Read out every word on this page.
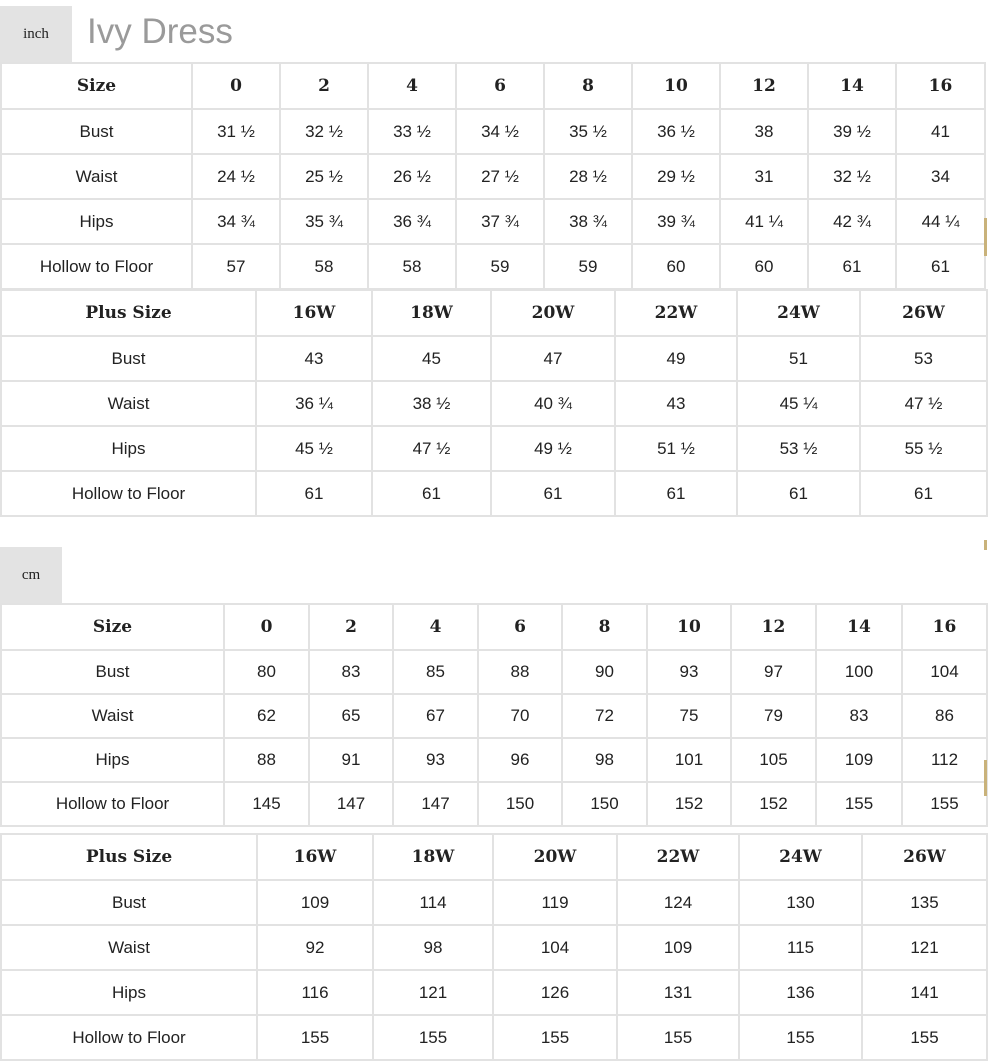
inch	Ivy Dress
Size	0	2	4	6	8	10	12	14	16
Bust	31 ½	32 ½	33 ½	34 ½	35 ½	36 ½	38	39 ½	41
Waist	24 ½	25 ½	26 ½	27 ½	28 ½	29 ½	31	32 ½	34
Hips	34 ¾	35 ¾	36 ¾	37 ¾	38 ¾	39 ¾	41 ¼	42 ¾	44 ¼
Hollow to Floor	57	58	58	59	59	60	60	61	61
Plus Size	16W	18W	20W	22W	24W	26W
Bust	43	45	47	49	51	53
Waist	36 ¼	38 ½	40 ¾	43	45 ¼	47 ½
Hips	45 ½	47 ½	49 ½	51 ½	53 ½	55 ½
Hollow to Floor	61	61	61	61	61	61
cm
Size	0	2	4	6	8	10	12	14	16
Bust	80	83	85	88	90	93	97	100	104
Waist	62	65	67	70	72	75	79	83	86
Hips	88	91	93	96	98	101	105	109	112
Hollow to Floor	145	147	147	150	150	152	152	155	155
Plus Size	16W	18W	20W	22W	24W	26W
Bust	109	114	119	124	130	135
Waist	92	98	104	109	115	121
Hips	116	121	126	131	136	141
Hollow to Floor	155	155	155	155	155	155
